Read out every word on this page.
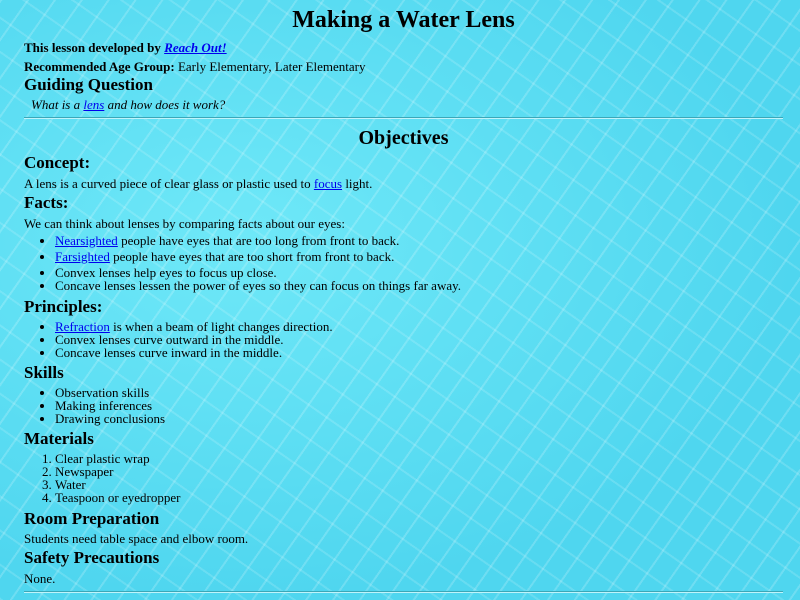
Making a Water Lens

This lesson developed by Reach Out!

Recommended Age Group: Early Elementary, Later Elementary

Guiding Question

What is a lens and how does it work?

Objectives

Concept:

A lens is a curved piece of clear glass or plastic used to focus light.

Facts:

We can think about lenses by comparing facts about our eyes:

• Nearsighted people have eyes that are too long from front to back.
• Farsighted people have eyes that are too short from front to back.
• Convex lenses help eyes to focus up close.
• Concave lenses lessen the power of eyes so they can focus on things far away.

Principles:

• Refraction is when a beam of light changes direction.
• Convex lenses curve outward in the middle.
• Concave lenses curve inward in the middle.

Skills

• Observation skills
• Making inferences
• Drawing conclusions

Materials

1. Clear plastic wrap
2. Newspaper
3. Water
4. Teaspoon or eyedropper

Room Preparation

Students need table space and elbow room.

Safety Precautions

None.
